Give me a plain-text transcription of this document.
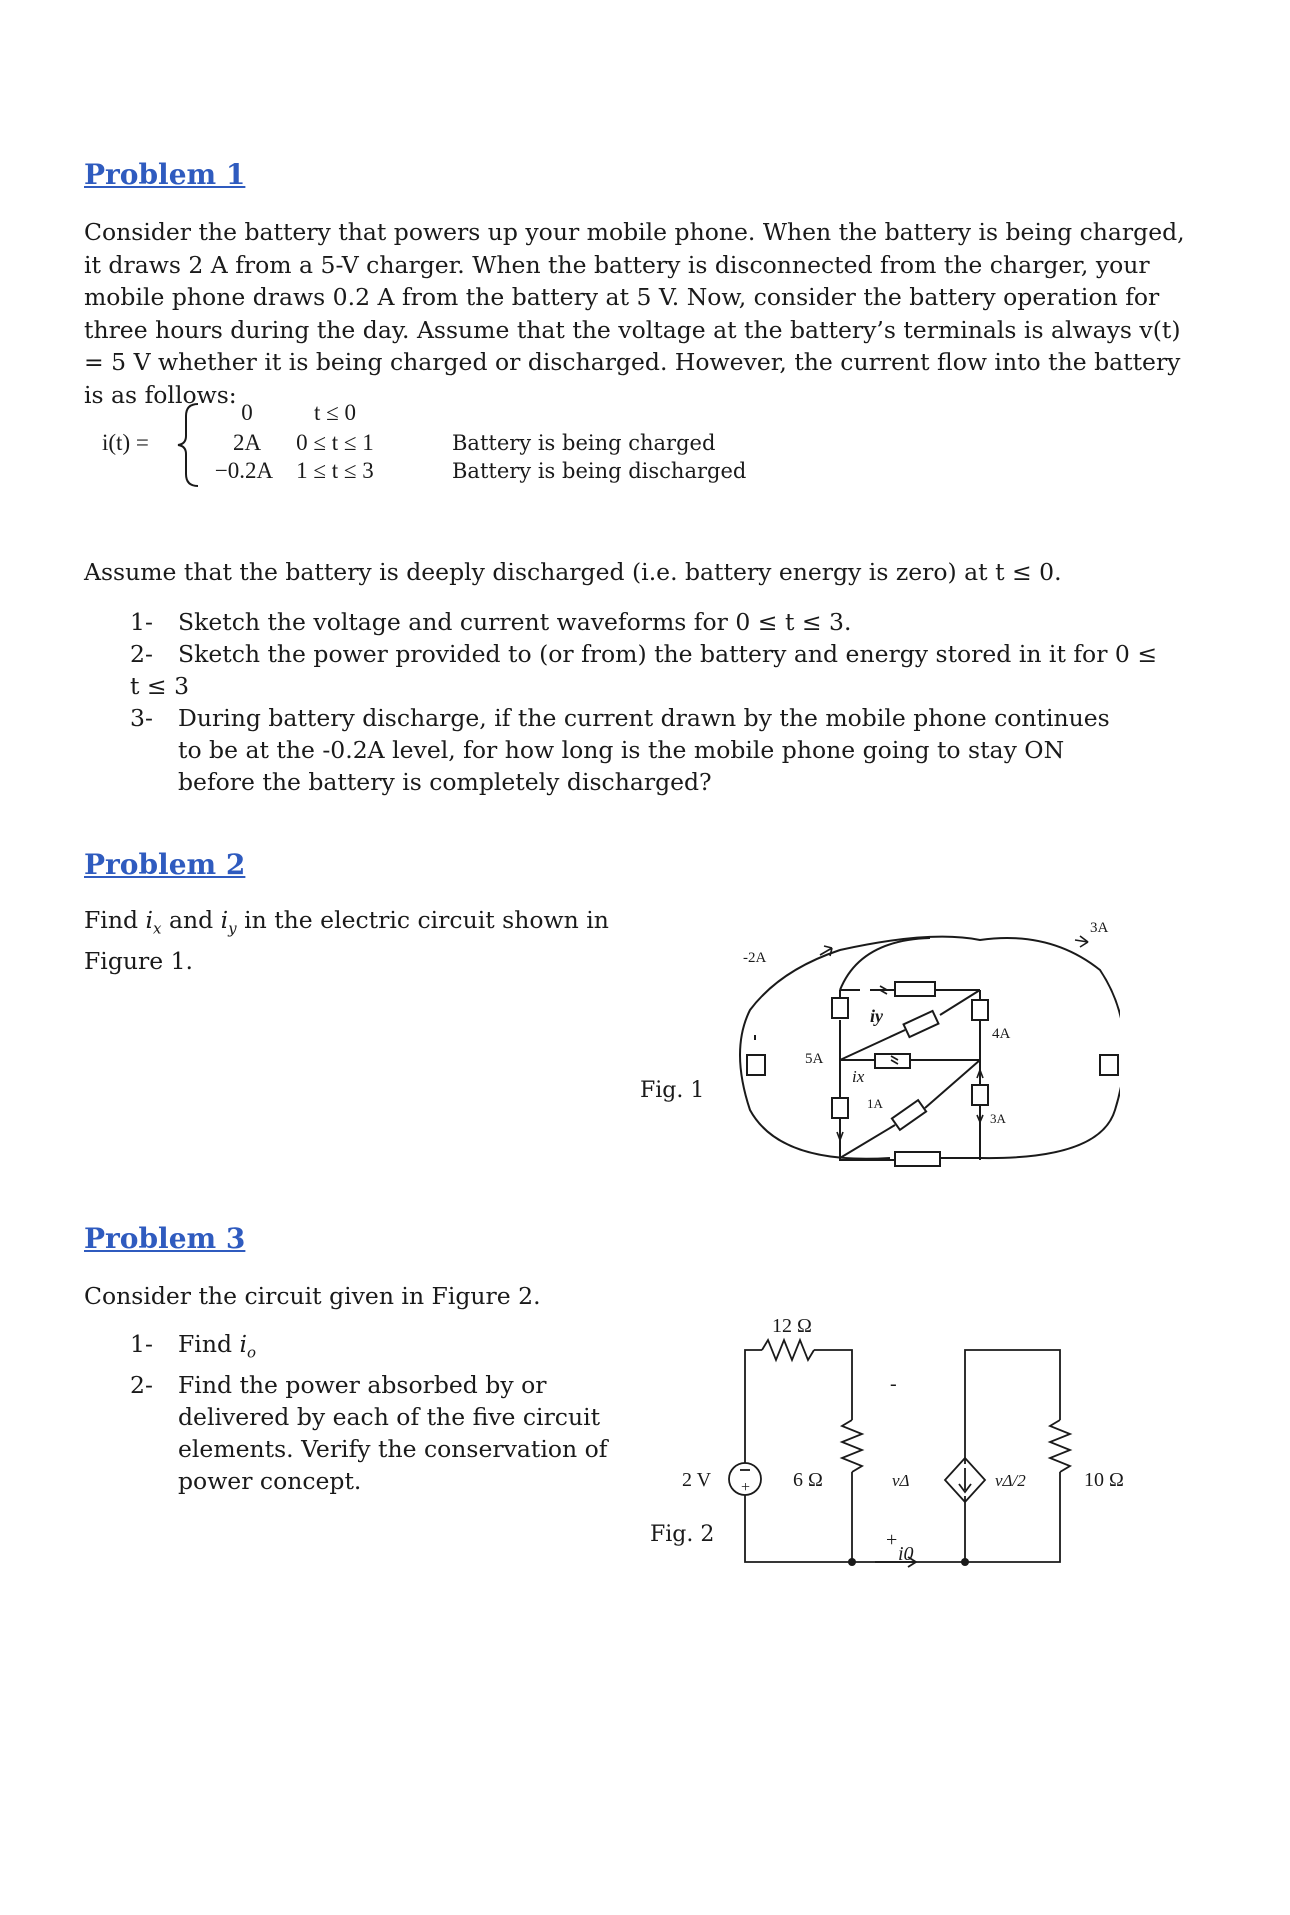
Problem 1
Consider the battery that powers up your mobile phone. When the battery is being charged, it draws 2 A from a 5-V charger. When the battery is disconnected from the charger, your mobile phone draws 0.2 A from the battery at 5 V. Now, consider the battery operation for three hours during the day. Assume that the voltage at the battery’s terminals is always v(t) = 5 V whether it is being charged or discharged. However, the current flow into the battery is as follows:
i(t) =
0	t ≤ 0
2A	0 ≤ t ≤ 1	Battery is being charged
−0.2A	1 ≤ t ≤ 3	Battery is being discharged
Assume that the battery is deeply discharged (i.e. battery energy is zero) at t ≤ 0.
1- Sketch the voltage and current waveforms for 0 ≤ t ≤ 3.
2- Sketch the power provided to (or from) the battery and energy stored in it for 0 ≤ t ≤ 3
3-	During battery discharge, if the current drawn by the mobile phone continues to be at the -0.2A level, for how long is the mobile phone going to stay ON before the battery is completely discharged?
Problem 2
Find $i_x$ and $i_y$ in the electric circuit shown in Figure 1.
Fig. 1
-2A
3A
5A
iy
4A
ix
1A
3A
Problem 3
Consider the circuit given in Figure 2.
1- Find $i_o$
2-	Find the power absorbed by or delivered by each of the five circuit elements. Verify the conservation of power concept.
Fig. 2
12 Ω
2 V + 6 Ω	vΔ
-
+
i0
vΔ/2	10 Ω
